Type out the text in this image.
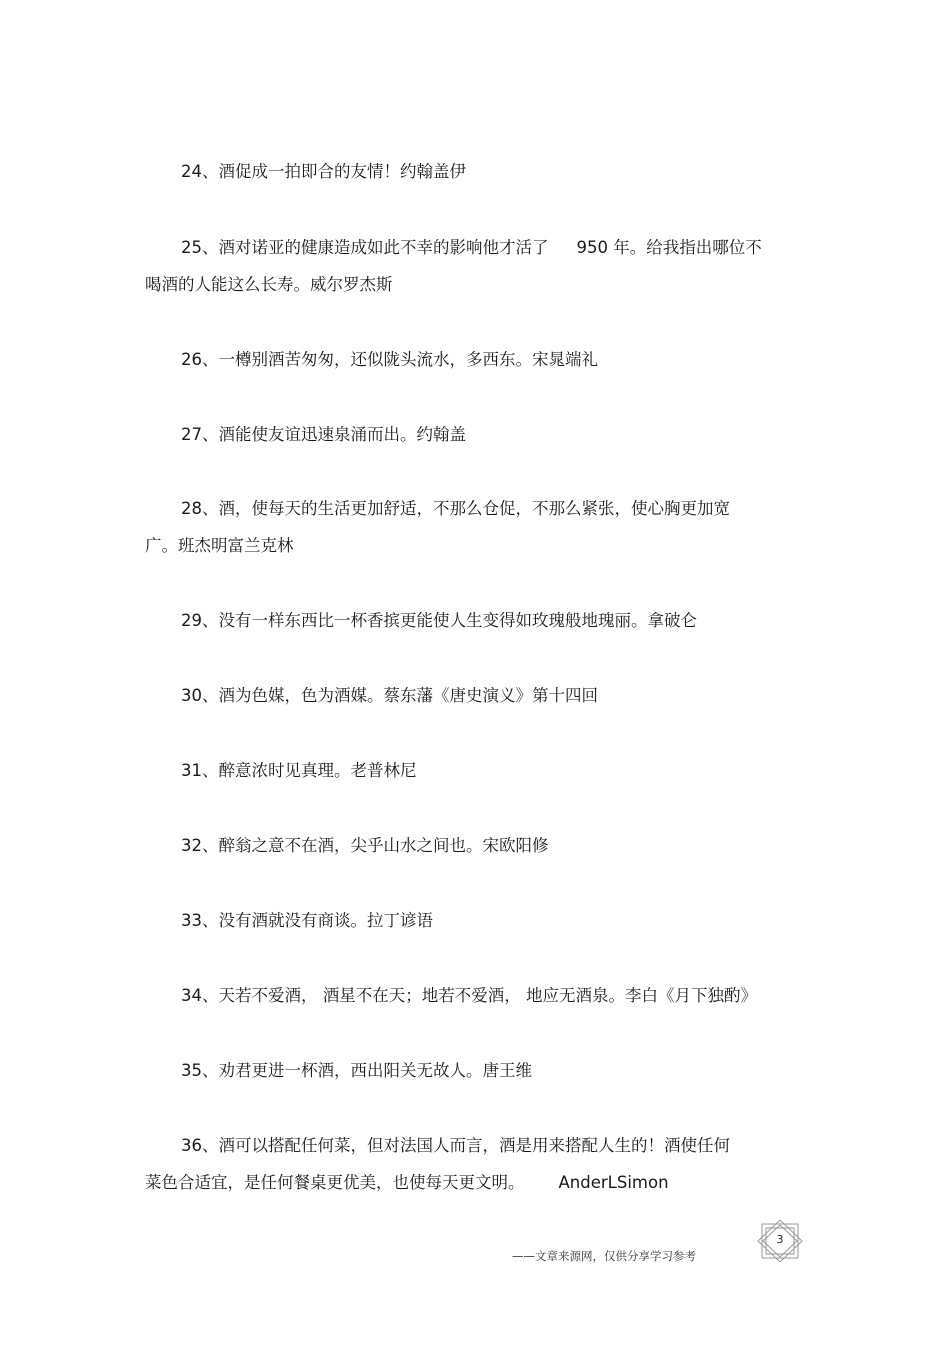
24、酒促成一拍即合的友情！约翰盖伊

25、酒对诺亚的健康造成如此不幸的影响他才活了 950 年。给我指出哪位不
喝酒的人能这么长寿。威尔罗杰斯

26、一樽别酒苦匆匆，还似陇头流水，多西东。宋晁端礼

27、酒能使友谊迅速泉涌而出。约翰盖

28、酒，使每天的生活更加舒适，不那么仓促，不那么紧张，使心胸更加宽
广。班杰明富兰克林

29、没有一样东西比一杯香摈更能使人生变得如玫瑰般地瑰丽。拿破仑

30、酒为色媒，色为酒媒。蔡东藩《唐史演义》第十四回

31、醉意浓时见真理。老普林尼

32、醉翁之意不在酒，尖乎山水之间也。宋欧阳修

33、没有酒就没有商谈。拉丁谚语

34、天若不爱酒， 酒星不在天；地若不爱酒， 地应无酒泉。李白《月下独酌》

35、劝君更进一杯酒，西出阳关无故人。唐王维

36、酒可以搭配任何菜，但对法国人而言，酒是用来搭配人生的！酒使任何
菜色合适宜，是任何餐桌更优美，也使每天更文明。 AnderLSimon

——文章来源网，仅供分享学习参考
3
